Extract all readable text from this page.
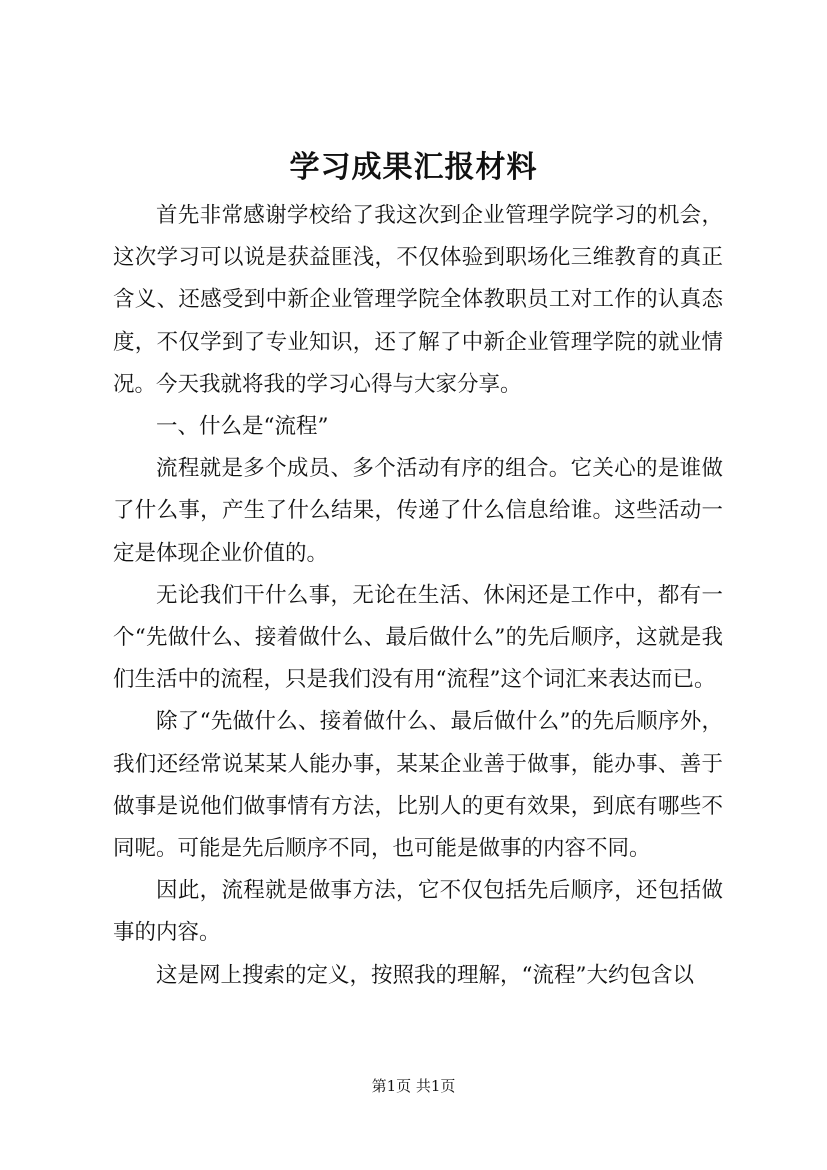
学习成果汇报材料

首先非常感谢学校给了我这次到企业管理学院学习的机会，这次学习可以说是获益匪浅，不仅体验到职场化三维教育的真正含义、还感受到中新企业管理学院全体教职员工对工作的认真态度，不仅学到了专业知识，还了解了中新企业管理学院的就业情况。今天我就将我的学习心得与大家分享。

一、什么是“流程”

流程就是多个成员、多个活动有序的组合。它关心的是谁做了什么事，产生了什么结果，传递了什么信息给谁。这些活动一定是体现企业价值的。

无论我们干什么事，无论在生活、休闲还是工作中，都有一个“先做什么、接着做什么、最后做什么”的先后顺序，这就是我们生活中的流程，只是我们没有用“流程”这个词汇来表达而已。

除了“先做什么、接着做什么、最后做什么”的先后顺序外，我们还经常说某某人能办事，某某企业善于做事，能办事、善于做事是说他们做事情有方法，比别人的更有效果，到底有哪些不同呢。可能是先后顺序不同，也可能是做事的内容不同。

因此，流程就是做事方法，它不仅包括先后顺序，还包括做事的内容。

这是网上搜索的定义，按照我的理解，“流程”大约包含以

第1页 共1页
